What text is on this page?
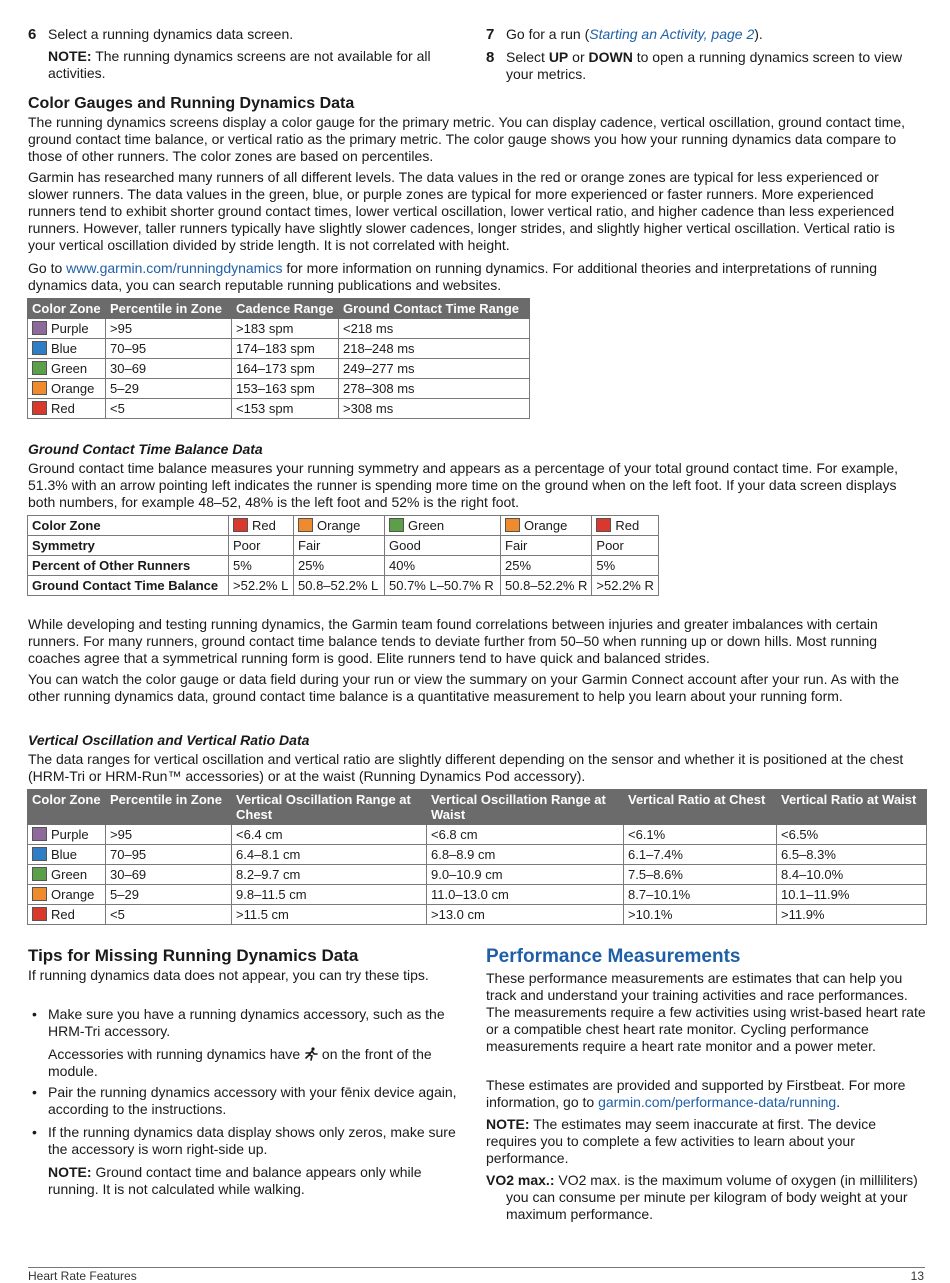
6 Select a running dynamics data screen.

NOTE: The running dynamics screens are not available for all activities.

7 Go for a run (Starting an Activity, page 2).

8 Select UP or DOWN to open a running dynamics screen to view your metrics.

Color Gauges and Running Dynamics Data

The running dynamics screens display a color gauge for the primary metric. You can display cadence, vertical oscillation, ground contact time, ground contact time balance, or vertical ratio as the primary metric. The color gauge shows you how your running dynamics data compare to those of other runners. The color zones are based on percentiles.

Garmin has researched many runners of all different levels. The data values in the red or orange zones are typical for less experienced or slower runners. The data values in the green, blue, or purple zones are typical for more experienced or faster runners. More experienced runners tend to exhibit shorter ground contact times, lower vertical oscillation, lower vertical ratio, and higher cadence than less experienced runners. However, taller runners typically have slightly slower cadences, longer strides, and slightly higher vertical oscillation. Vertical ratio is your vertical oscillation divided by stride length. It is not correlated with height.

Go to www.garmin.com/runningdynamics for more information on running dynamics. For additional theories and interpretations of running dynamics data, you can search reputable running publications and websites.

Color Zone	Percentile in Zone	Cadence Range	Ground Contact Time Range
Purple	>95	>183 spm	<218 ms
Blue	70–95	174–183 spm	218–248 ms
Green	30–69	164–173 spm	249–277 ms
Orange	5–29	153–163 spm	278–308 ms
Red	<5	<153 spm	>308 ms
Ground Contact Time Balance Data

Ground contact time balance measures your running symmetry and appears as a percentage of your total ground contact time. For example, 51.3% with an arrow pointing left indicates the runner is spending more time on the ground when on the left foot. If your data screen displays both numbers, for example 48–52, 48% is the left foot and 52% is the right foot.

Color Zone	Red	Orange	Green	Orange	Red
Symmetry	Poor	Fair	Good	Fair	Poor
Percent of Other Runners	5%	25%	40%	25%	5%
Ground Contact Time Balance	>52.2% L	50.8–52.2% L	50.7% L–50.7% R	50.8–52.2% R	>52.2% R

While developing and testing running dynamics, the Garmin team found correlations between injuries and greater imbalances with certain runners. For many runners, ground contact time balance tends to deviate further from 50–50 when running up or down hills. Most running coaches agree that a symmetrical running form is good. Elite runners tend to have quick and balanced strides.

You can watch the color gauge or data field during your run or view the summary on your Garmin Connect account after your run. As with the other running dynamics data, ground contact time balance is a quantitative measurement to help you learn about your running form.

Vertical Oscillation and Vertical Ratio Data

The data ranges for vertical oscillation and vertical ratio are slightly different depending on the sensor and whether it is positioned at the chest (HRM-Tri or HRM-Run™ accessories) or at the waist (Running Dynamics Pod accessory).

Color Zone	Percentile in Zone	Vertical Oscillation Range at Chest	Vertical Oscillation Range at Waist	Vertical Ratio at Chest	Vertical Ratio at Waist
Purple	>95	<6.4 cm	<6.8 cm	<6.1%	<6.5%
Blue	70–95	6.4–8.1 cm	6.8–8.9 cm	6.1–7.4%	6.5–8.3%
Green	30–69	8.2–9.7 cm	9.0–10.9 cm	7.5–8.6%	8.4–10.0%
Orange	5–29	9.8–11.5 cm	11.0–13.0 cm	8.7–10.1%	10.1–11.9%
Red	<5	>11.5 cm	>13.0 cm	>10.1%	>11.9%
Tips for Missing Running Dynamics Data

If running dynamics data does not appear, you can try these tips.

• Make sure you have a running dynamics accessory, such as the HRM-Tri accessory.

Accessories with running dynamics have  on the front of the module.

• Pair the running dynamics accessory with your fēnix device again, according to the instructions.

• If the running dynamics data display shows only zeros, make sure the accessory is worn right-side up.

NOTE: Ground contact time and balance appears only while running. It is not calculated while walking.

Performance Measurements

These performance measurements are estimates that can help you track and understand your training activities and race performances. The measurements require a few activities using wrist-based heart rate or a compatible chest heart rate monitor. Cycling performance measurements require a heart rate monitor and a power meter.

These estimates are provided and supported by Firstbeat. For more information, go to garmin.com/performance-data/running.

NOTE: The estimates may seem inaccurate at first. The device requires you to complete a few activities to learn about your performance.

VO2 max.: VO2 max. is the maximum volume of oxygen (in milliliters) you can consume per minute per kilogram of body weight at your maximum performance.

Heart Rate Features	13
